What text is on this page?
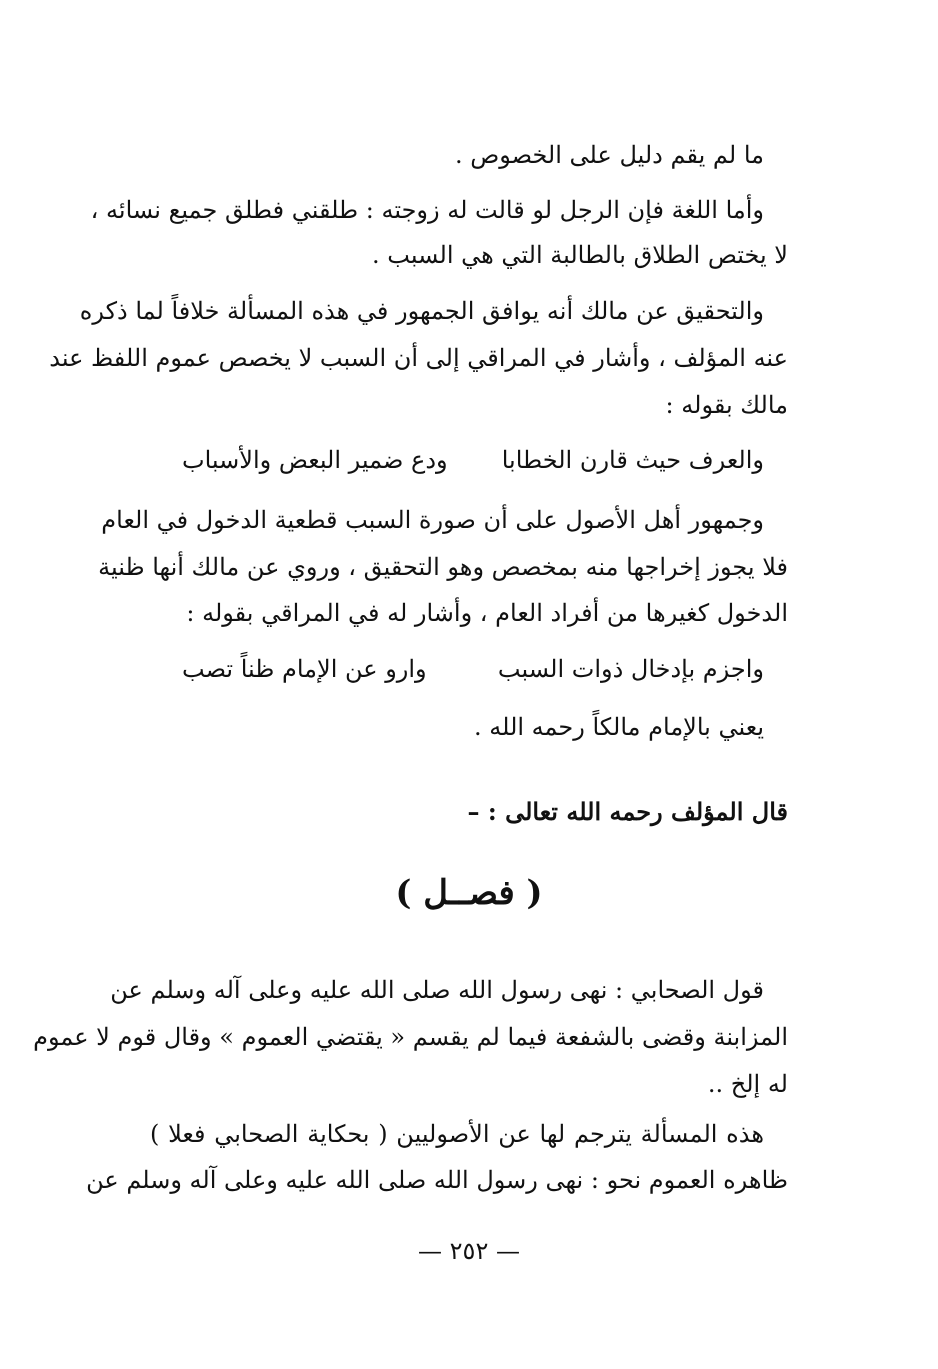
ما لم يقم دليل على الخصوص .
وأما اللغة فإن الرجل لو قالت له زوجته : طلقني فطلق جميع نسائه ،
لا يختص الطلاق بالطالبة التي هي السبب .
والتحقيق عن مالك أنه يوافق الجمهور في هذه المسألة خلافاً لما ذكره
عنه المؤلف ، وأشار في المراقي إلى أن السبب لا يخصص عموم اللفظ عند
مالك بقوله :
والعرف حيث قارن الخطابا
ودع ضمير البعض والأسباب
وجمهور أهل الأصول على أن صورة السبب قطعية الدخول في العام
فلا يجوز إخراجها منه بمخصص وهو التحقيق ، وروي عن مالك أنها ظنية
الدخول كغيرها من أفراد العام ، وأشار له في المراقي بقوله :
واجزم بإدخال ذوات السبب
وارو عن الإمام ظناً تصب
يعني بالإمام مالكاً رحمه الله .
قال المؤلف رحمه الله تعالى : –
( فصــل )
قول الصحابي : نهى رسول الله صلى الله عليه وعلى آله وسلم عن
المزابنة وقضى بالشفعة فيما لم يقسم « يقتضي العموم » وقال قوم لا عموم
له إلخ ..
هذه المسألة يترجم لها عن الأصوليين ( بحكاية الصحابي فعلا )
ظاهره العموم نحو : نهى رسول الله صلى الله عليه وعلى آله وسلم عن
— ٢٥٢ —
